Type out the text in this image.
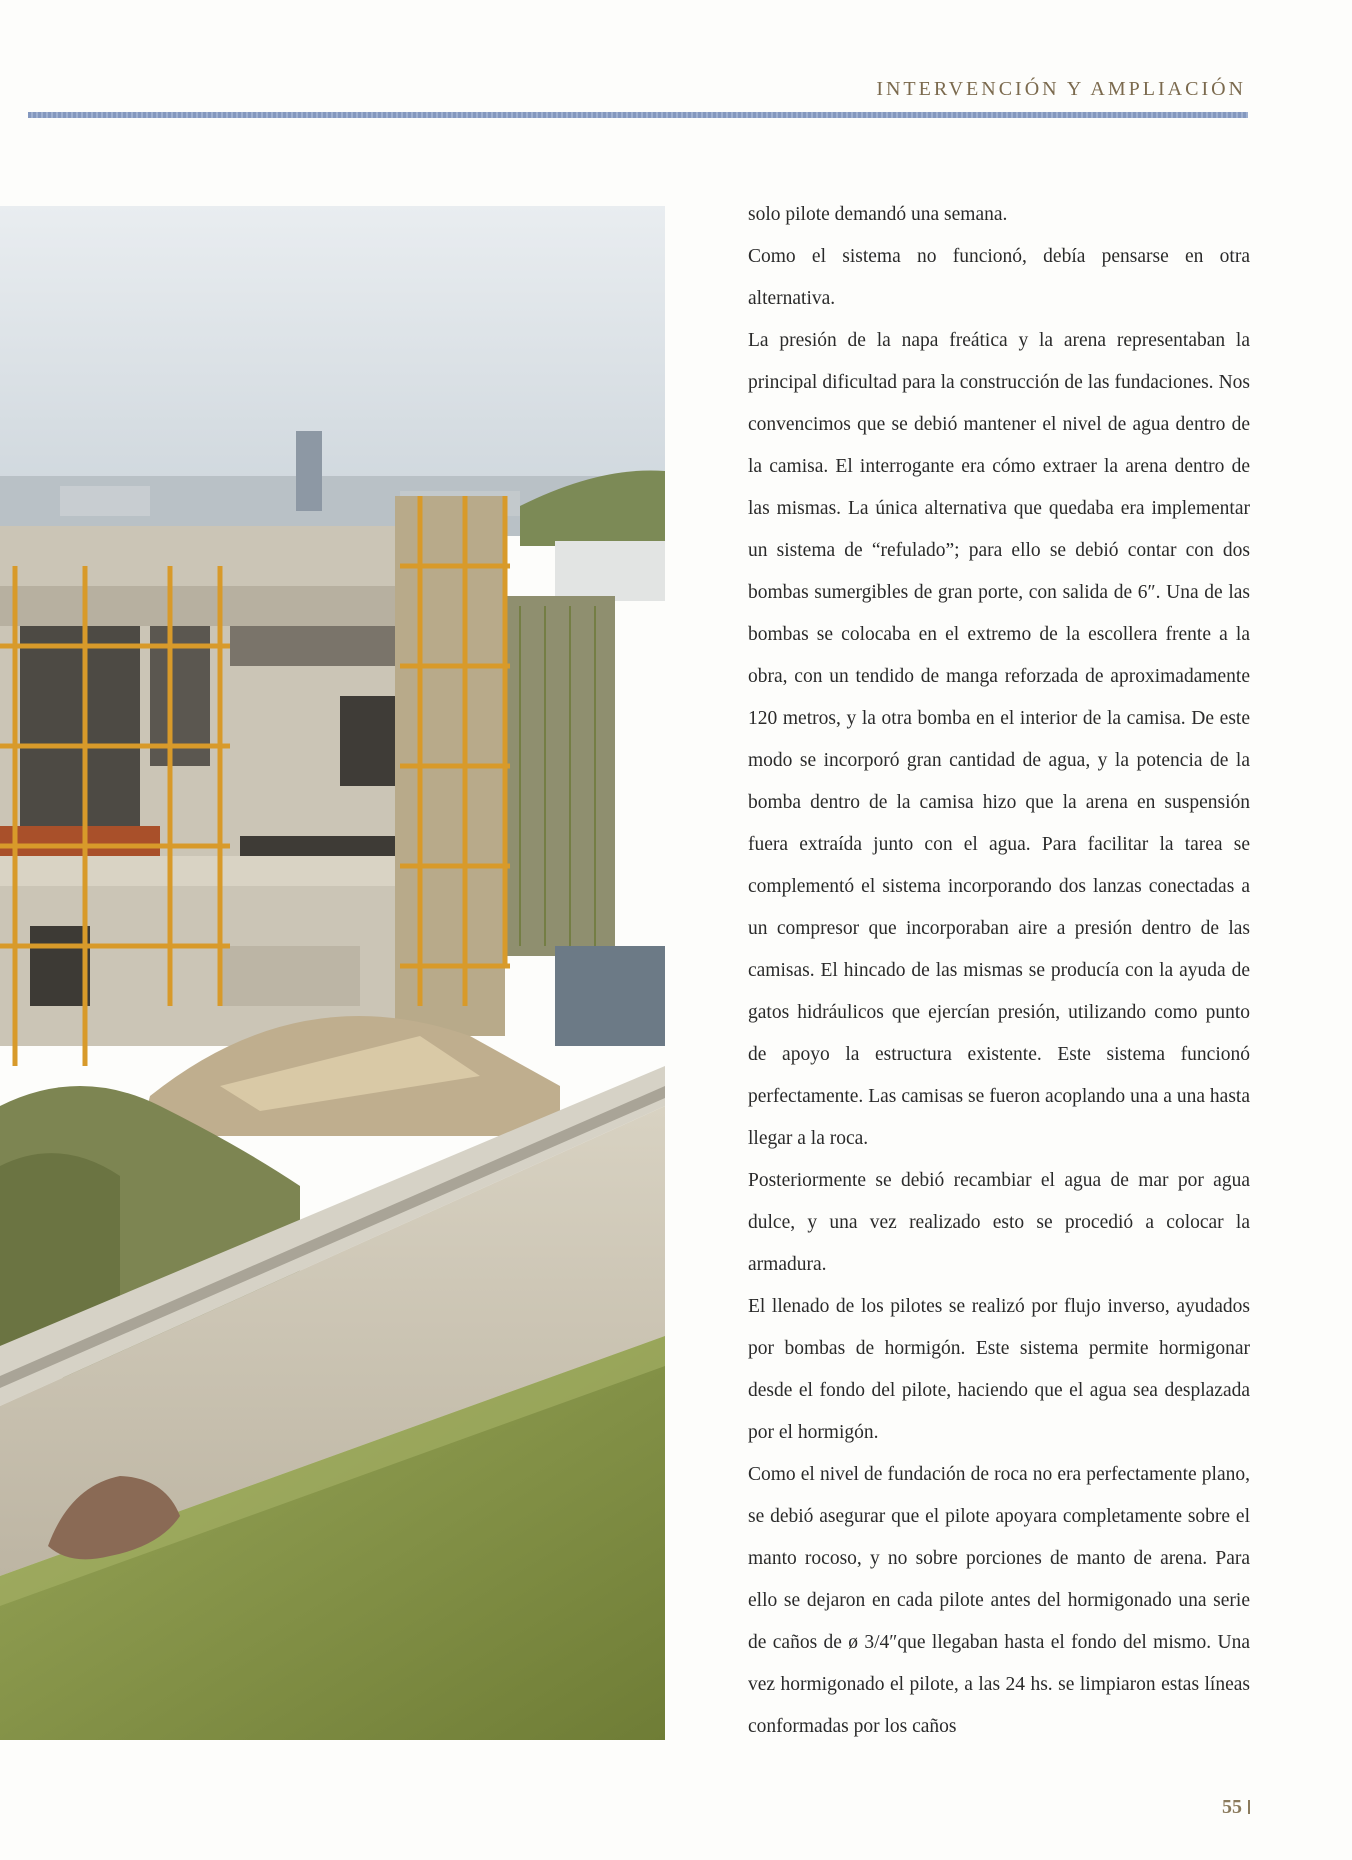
INTERVENCIÓN Y AMPLIACIÓN

solo pilote demandó una semana.

Como el sistema no funcionó, debía pensarse en otra alternativa.

La presión de la napa freática y la arena representaban la principal dificultad para la construcción de las fundaciones. Nos convencimos que se debió mantener el nivel de agua dentro de la camisa. El interrogante era cómo extraer la arena dentro de las mismas. La única alternativa que quedaba era implementar un sistema de “refulado”; para ello se debió contar con dos bombas sumergibles de gran porte, con salida de 6″. Una de las bombas se colocaba en el extremo de la escollera frente a la obra, con un tendido de manga reforzada de aproximadamente 120 metros, y la otra bomba en el interior de la camisa. De este modo se incorporó gran cantidad de agua, y la potencia de la bomba dentro de la camisa hizo que la arena en suspensión fuera extraída junto con el agua. Para facilitar la tarea se complementó el sistema incorporando dos lanzas conectadas a un compresor que incorporaban aire a presión dentro de las camisas. El hincado de las mismas se producía con la ayuda de gatos hidráulicos que ejercían presión, utilizando como punto de apoyo la estructura existente. Este sistema funcionó perfectamente. Las camisas se fueron acoplando una a una hasta llegar a la roca.

Posteriormente se debió recambiar el agua de mar por agua dulce, y una vez realizado esto se procedió a colocar la armadura.

El llenado de los pilotes se realizó por flujo inverso, ayudados por bombas de hormigón. Este sistema permite hormigonar desde el fondo del pilote, haciendo que el agua sea desplazada por el hormigón.

Como el nivel de fundación de roca no era perfectamente plano, se debió asegurar que el pilote apoyara completamente sobre el manto rocoso, y no sobre porciones de manto de arena. Para ello se dejaron en cada pilote antes del hormigonado una serie de caños de ø 3/4″que llegaban hasta el fondo del mismo. Una vez hormigonado el pilote, a las 24 hs. se limpiaron estas líneas conformadas por los caños

55
